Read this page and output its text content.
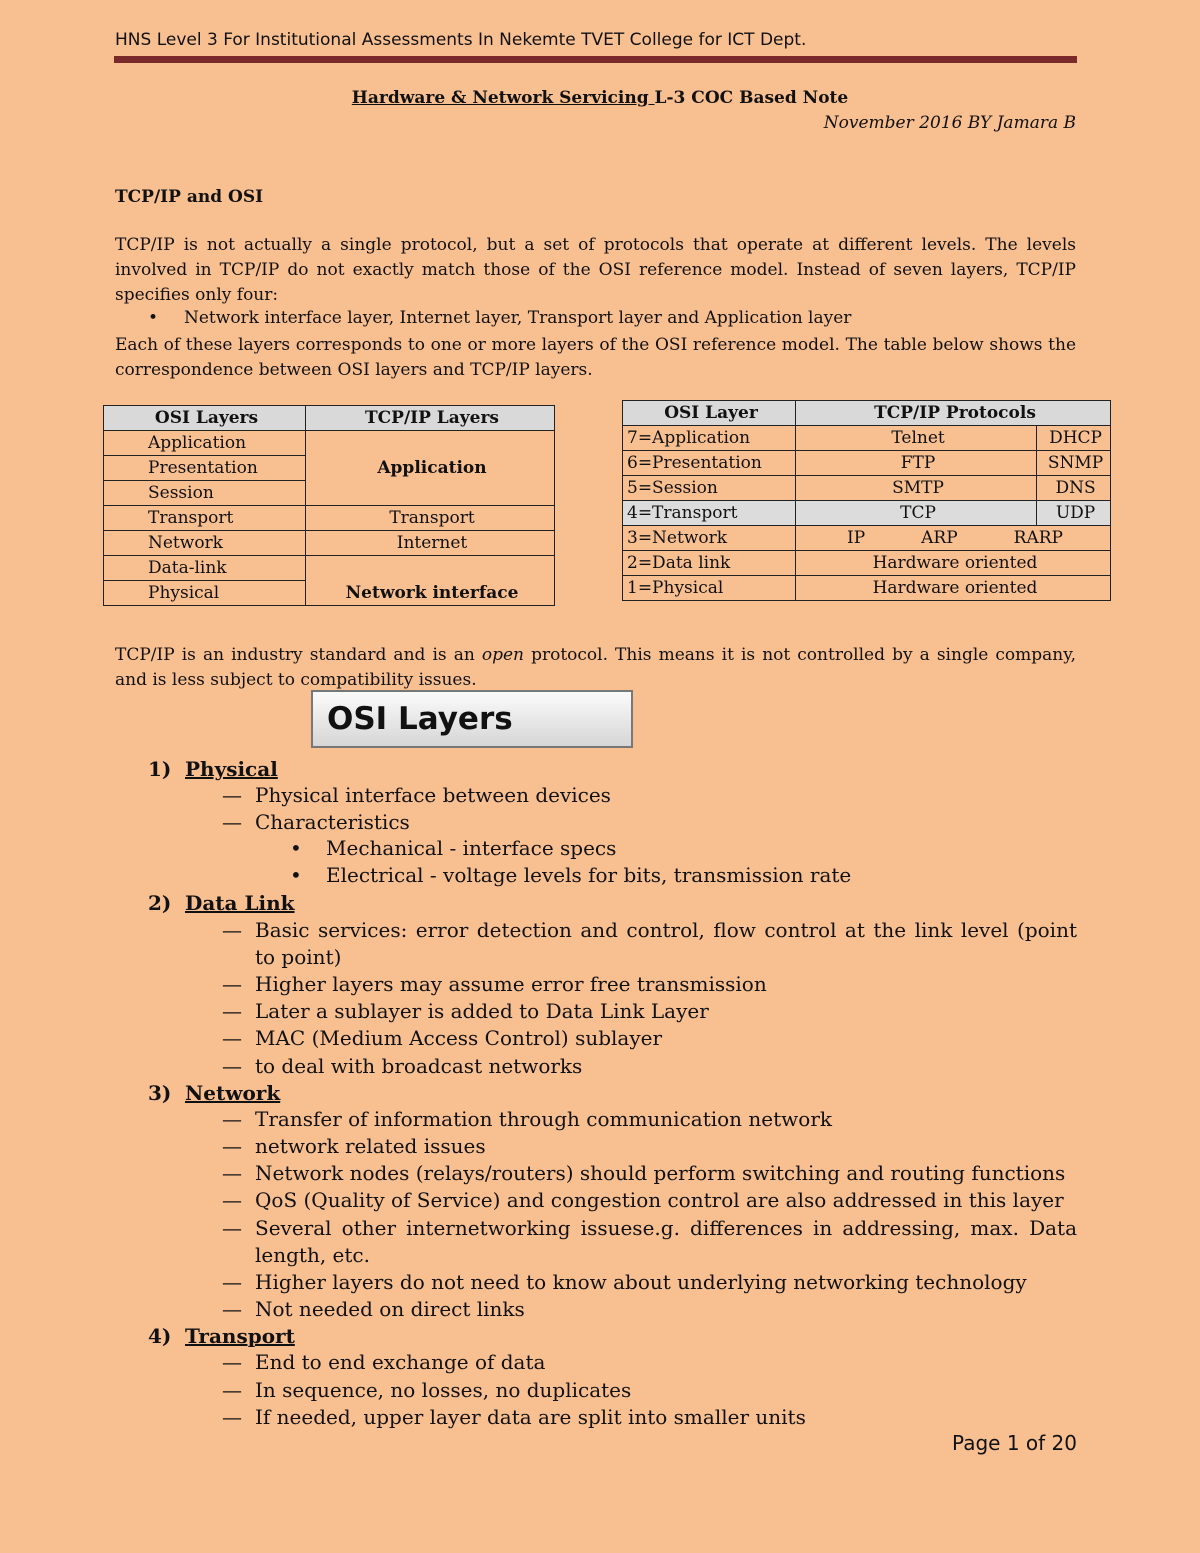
HNS Level 3 For Institutional Assessments In Nekemte TVET College for ICT Dept.
Hardware & Network Servicing L-3 COC Based Note
November 2016 BY Jamara B
TCP/IP and OSI
TCP/IP is not actually a single protocol, but a set of protocols that operate at different levels. The levels involved in TCP/IP do not exactly match those of the OSI reference model. Instead of seven layers, TCP/IP specifies only four:
• Network interface layer, Internet layer, Transport layer and Application layer
Each of these layers corresponds to one or more layers of the OSI reference model. The table below shows the correspondence between OSI layers and TCP/IP layers.
OSI Layers	TCP/IP Layers
Application	Application
Presentation	
Session	
Transport	Transport
Network	Internet
Data-link	Network interface
Physical	
OSI Layer	TCP/IP Protocols	
7=Application	Telnet	DHCP
6=Presentation	FTP	SNMP
5=Session	SMTP	DNS
4=Transport	TCP	UDP
3=Network	IP ARP RARP	
2=Data link	Hardware oriented	
1=Physical	Hardware oriented	
TCP/IP is an industry standard and is an open protocol. This means it is not controlled by a single company, and is less subject to compatibility issues.
OSI Layers
1) Physical
— Physical interface between devices
— Characteristics
• Mechanical - interface specs
• Electrical - voltage levels for bits, transmission rate
2) Data Link
— Basic services: error detection and control, flow control at the link level (point to point)
— Higher layers may assume error free transmission
— Later a sublayer is added to Data Link Layer
— MAC (Medium Access Control) sublayer
— to deal with broadcast networks
3) Network
— Transfer of information through communication network
— network related issues
— Network nodes (relays/routers) should perform switching and routing functions
— QoS (Quality of Service) and congestion control are also addressed in this layer
— Several other internetworking issuese.g. differences in addressing, max. Data length, etc.
— Higher layers do not need to know about underlying networking technology
— Not needed on direct links
4) Transport
— End to end exchange of data
— In sequence, no losses, no duplicates
— If needed, upper layer data are split into smaller units
Page 1 of 20
